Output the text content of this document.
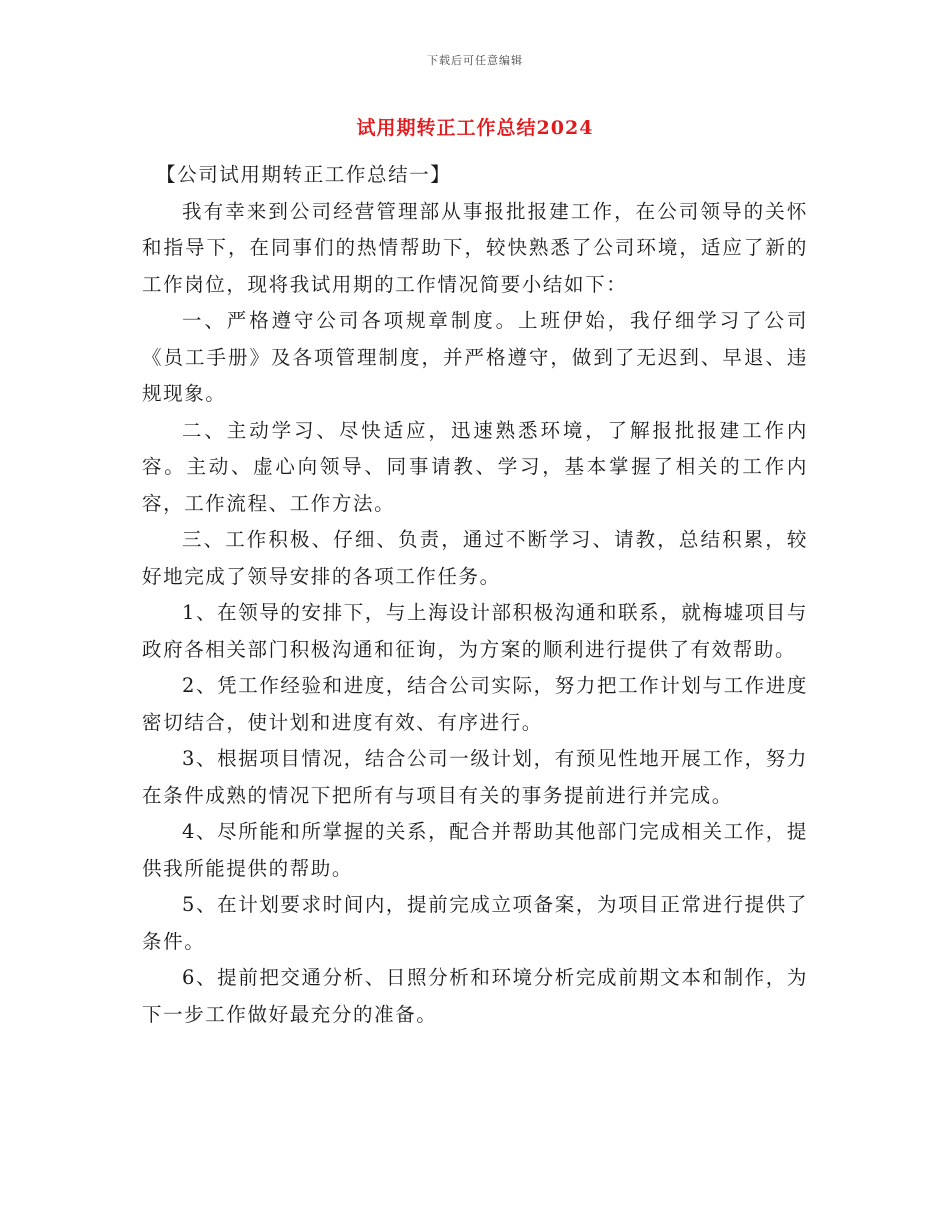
下载后可任意编辑
试用期转正工作总结2024

【公司试用期转正工作总结一】

我有幸来到公司经营管理部从事报批报建工作，在公司领导的关怀和指导下，在同事们的热情帮助下，较快熟悉了公司环境，适应了新的工作岗位，现将我试用期的工作情况简要小结如下：

一、严格遵守公司各项规章制度。上班伊始，我仔细学习了公司《员工手册》及各项管理制度，并严格遵守，做到了无迟到、早退、违规现象。

二、主动学习、尽快适应，迅速熟悉环境，了解报批报建工作内容。主动、虚心向领导、同事请教、学习，基本掌握了相关的工作内容，工作流程、工作方法。

三、工作积极、仔细、负责，通过不断学习、请教，总结积累，较好地完成了领导安排的各项工作任务。

1、在领导的安排下，与上海设计部积极沟通和联系，就梅墟项目与政府各相关部门积极沟通和征询，为方案的顺利进行提供了有效帮助。

2、凭工作经验和进度，结合公司实际，努力把工作计划与工作进度密切结合，使计划和进度有效、有序进行。

3、根据项目情况，结合公司一级计划，有预见性地开展工作，努力在条件成熟的情况下把所有与项目有关的事务提前进行并完成。

4、尽所能和所掌握的关系，配合并帮助其他部门完成相关工作，提供我所能提供的帮助。

5、在计划要求时间内，提前完成立项备案，为项目正常进行提供了条件。

6、提前把交通分析、日照分析和环境分析完成前期文本和制作，为下一步工作做好最充分的准备。
